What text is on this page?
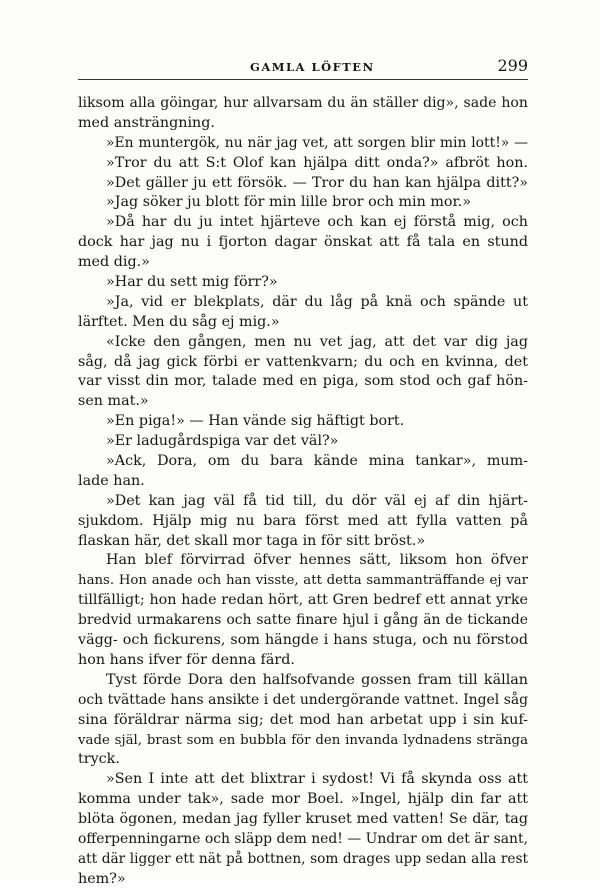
GAMLA LÖFTEN	299
liksom alla göingar, hur allvarsam du än ställer dig», sade hon
med ansträngning.
»En muntergök, nu när jag vet, att sorgen blir min lott!» —
»Tror du att S:t Olof kan hjälpa ditt onda?» afbröt hon.
»Det gäller ju ett försök. — Tror du han kan hjälpa ditt?»
»Jag söker ju blott för min lille bror och min mor.»
»Då har du ju intet hjärteve och kan ej förstå mig, och
dock har jag nu i fjorton dagar önskat att få tala en stund
med dig.»
»Har du sett mig förr?»
»Ja, vid er blekplats, där du låg på knä och spände ut
lärftet. Men du såg ej mig.»
«Icke den gången, men nu vet jag, att det var dig jag
såg, då jag gick förbi er vattenkvarn; du och en kvinna, det
var visst din mor, talade med en piga, som stod och gaf hön-
sen mat.»
»En piga!» — Han vände sig häftigt bort.
»Er ladugårdspiga var det väl?»
»Ack, Dora, om du bara kände mina tankar», mum-
lade han.
»Det kan jag väl få tid till, du dör väl ej af din hjärt-
sjukdom. Hjälp mig nu bara först med att fylla vatten på
flaskan här, det skall mor taga in för sitt bröst.»
Han blef förvirrad öfver hennes sätt, liksom hon öfver
hans. Hon anade och han visste, att detta sammanträffande ej var
tillfälligt; hon hade redan hört, att Gren bedref ett annat yrke
bredvid urmakarens och satte finare hjul i gång än de tickande
vägg- och fickurens, som hängde i hans stuga, och nu förstod
hon hans ifver för denna färd.
Tyst förde Dora den halfsofvande gossen fram till källan
och tvättade hans ansikte i det undergörande vattnet. Ingel såg
sina föräldrar närma sig; det mod han arbetat upp i sin kuf-
vade själ, brast som en bubbla för den invanda lydnadens stränga
tryck.
»Sen I inte att det blixtrar i sydost! Vi få skynda oss att
komma under tak», sade mor Boel. »Ingel, hjälp din far att
blöta ögonen, medan jag fyller kruset med vatten! Se där, tag
offerpenningarne och släpp dem ned! — Undrar om det är sant,
att där ligger ett nät på bottnen, som drages upp sedan alla rest
hem?»
